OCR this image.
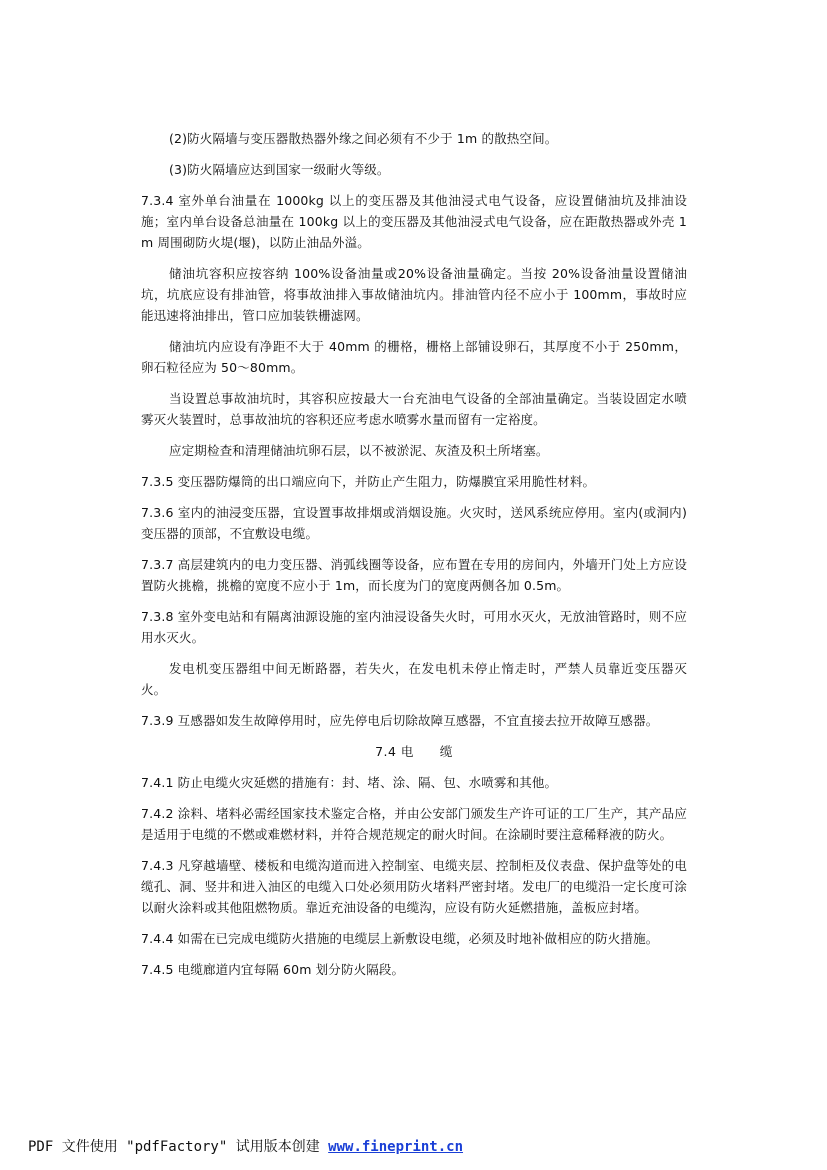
(2)防火隔墙与变压器散热器外缘之间必须有不少于 1m 的散热空间。

(3)防火隔墙应达到国家一级耐火等级。

7.3.4 室外单台油量在 1000kg 以上的变压器及其他油浸式电气设备，应设置储油坑及排油设施；室内单台设备总油量在 100kg 以上的变压器及其他油浸式电气设备，应在距散热器或外壳 1m 周围砌防火堤(堰)，以防止油品外溢。

储油坑容积应按容纳 100%设备油量或20%设备油量确定。当按 20%设备油量设置储油坑，坑底应设有排油管，将事故油排入事故储油坑内。排油管内径不应小于 100mm，事故时应能迅速将油排出，管口应加装铁栅滤网。

储油坑内应设有净距不大于 40mm 的栅格，栅格上部铺设卵石，其厚度不小于 250mm，卵石粒径应为 50～80mm。

当设置总事故油坑时，其容积应按最大一台充油电气设备的全部油量确定。当装设固定水喷雾灭火装置时，总事故油坑的容积还应考虑水喷雾水量而留有一定裕度。

应定期检查和清理储油坑卵石层，以不被淤泥、灰渣及积土所堵塞。

7.3.5 变压器防爆筒的出口端应向下，并防止产生阻力，防爆膜宜采用脆性材料。

7.3.6 室内的油浸变压器，宜设置事故排烟或消烟设施。火灾时，送风系统应停用。室内(或洞内)变压器的顶部，不宜敷设电缆。

7.3.7 高层建筑内的电力变压器、消弧线圈等设备，应布置在专用的房间内，外墙开门处上方应设置防火挑檐，挑檐的宽度不应小于 1m，而长度为门的宽度两侧各加 0.5m。

7.3.8 室外变电站和有隔离油源设施的室内油浸设备失火时，可用水灭火，无放油管路时，则不应用水灭火。

发电机变压器组中间无断路器，若失火，在发电机未停止惰走时，严禁人员靠近变压器灭火。

7.3.9 互感器如发生故障停用时，应先停电后切除故障互感器，不宜直接去拉开故障互感器。

7.4 电　　缆

7.4.1 防止电缆火灾延燃的措施有：封、堵、涂、隔、包、水喷雾和其他。

7.4.2 涂料、堵料必需经国家技术鉴定合格，并由公安部门颁发生产许可证的工厂生产，其产品应是适用于电缆的不燃或难燃材料，并符合规范规定的耐火时间。在涂刷时要注意稀释液的防火。

7.4.3 凡穿越墙壁、楼板和电缆沟道而进入控制室、电缆夹层、控制柜及仪表盘、保护盘等处的电缆孔、洞、竖井和进入油区的电缆入口处必须用防火堵料严密封堵。发电厂的电缆沿一定长度可涂以耐火涂料或其他阻燃物质。靠近充油设备的电缆沟，应设有防火延燃措施，盖板应封堵。

7.4.4 如需在已完成电缆防火措施的电缆层上新敷设电缆，必须及时地补做相应的防火措施。

7.4.5 电缆廊道内宜每隔 60m 划分防火隔段。

PDF 文件使用 "pdfFactory" 试用版本创建 www.fineprint.cn
